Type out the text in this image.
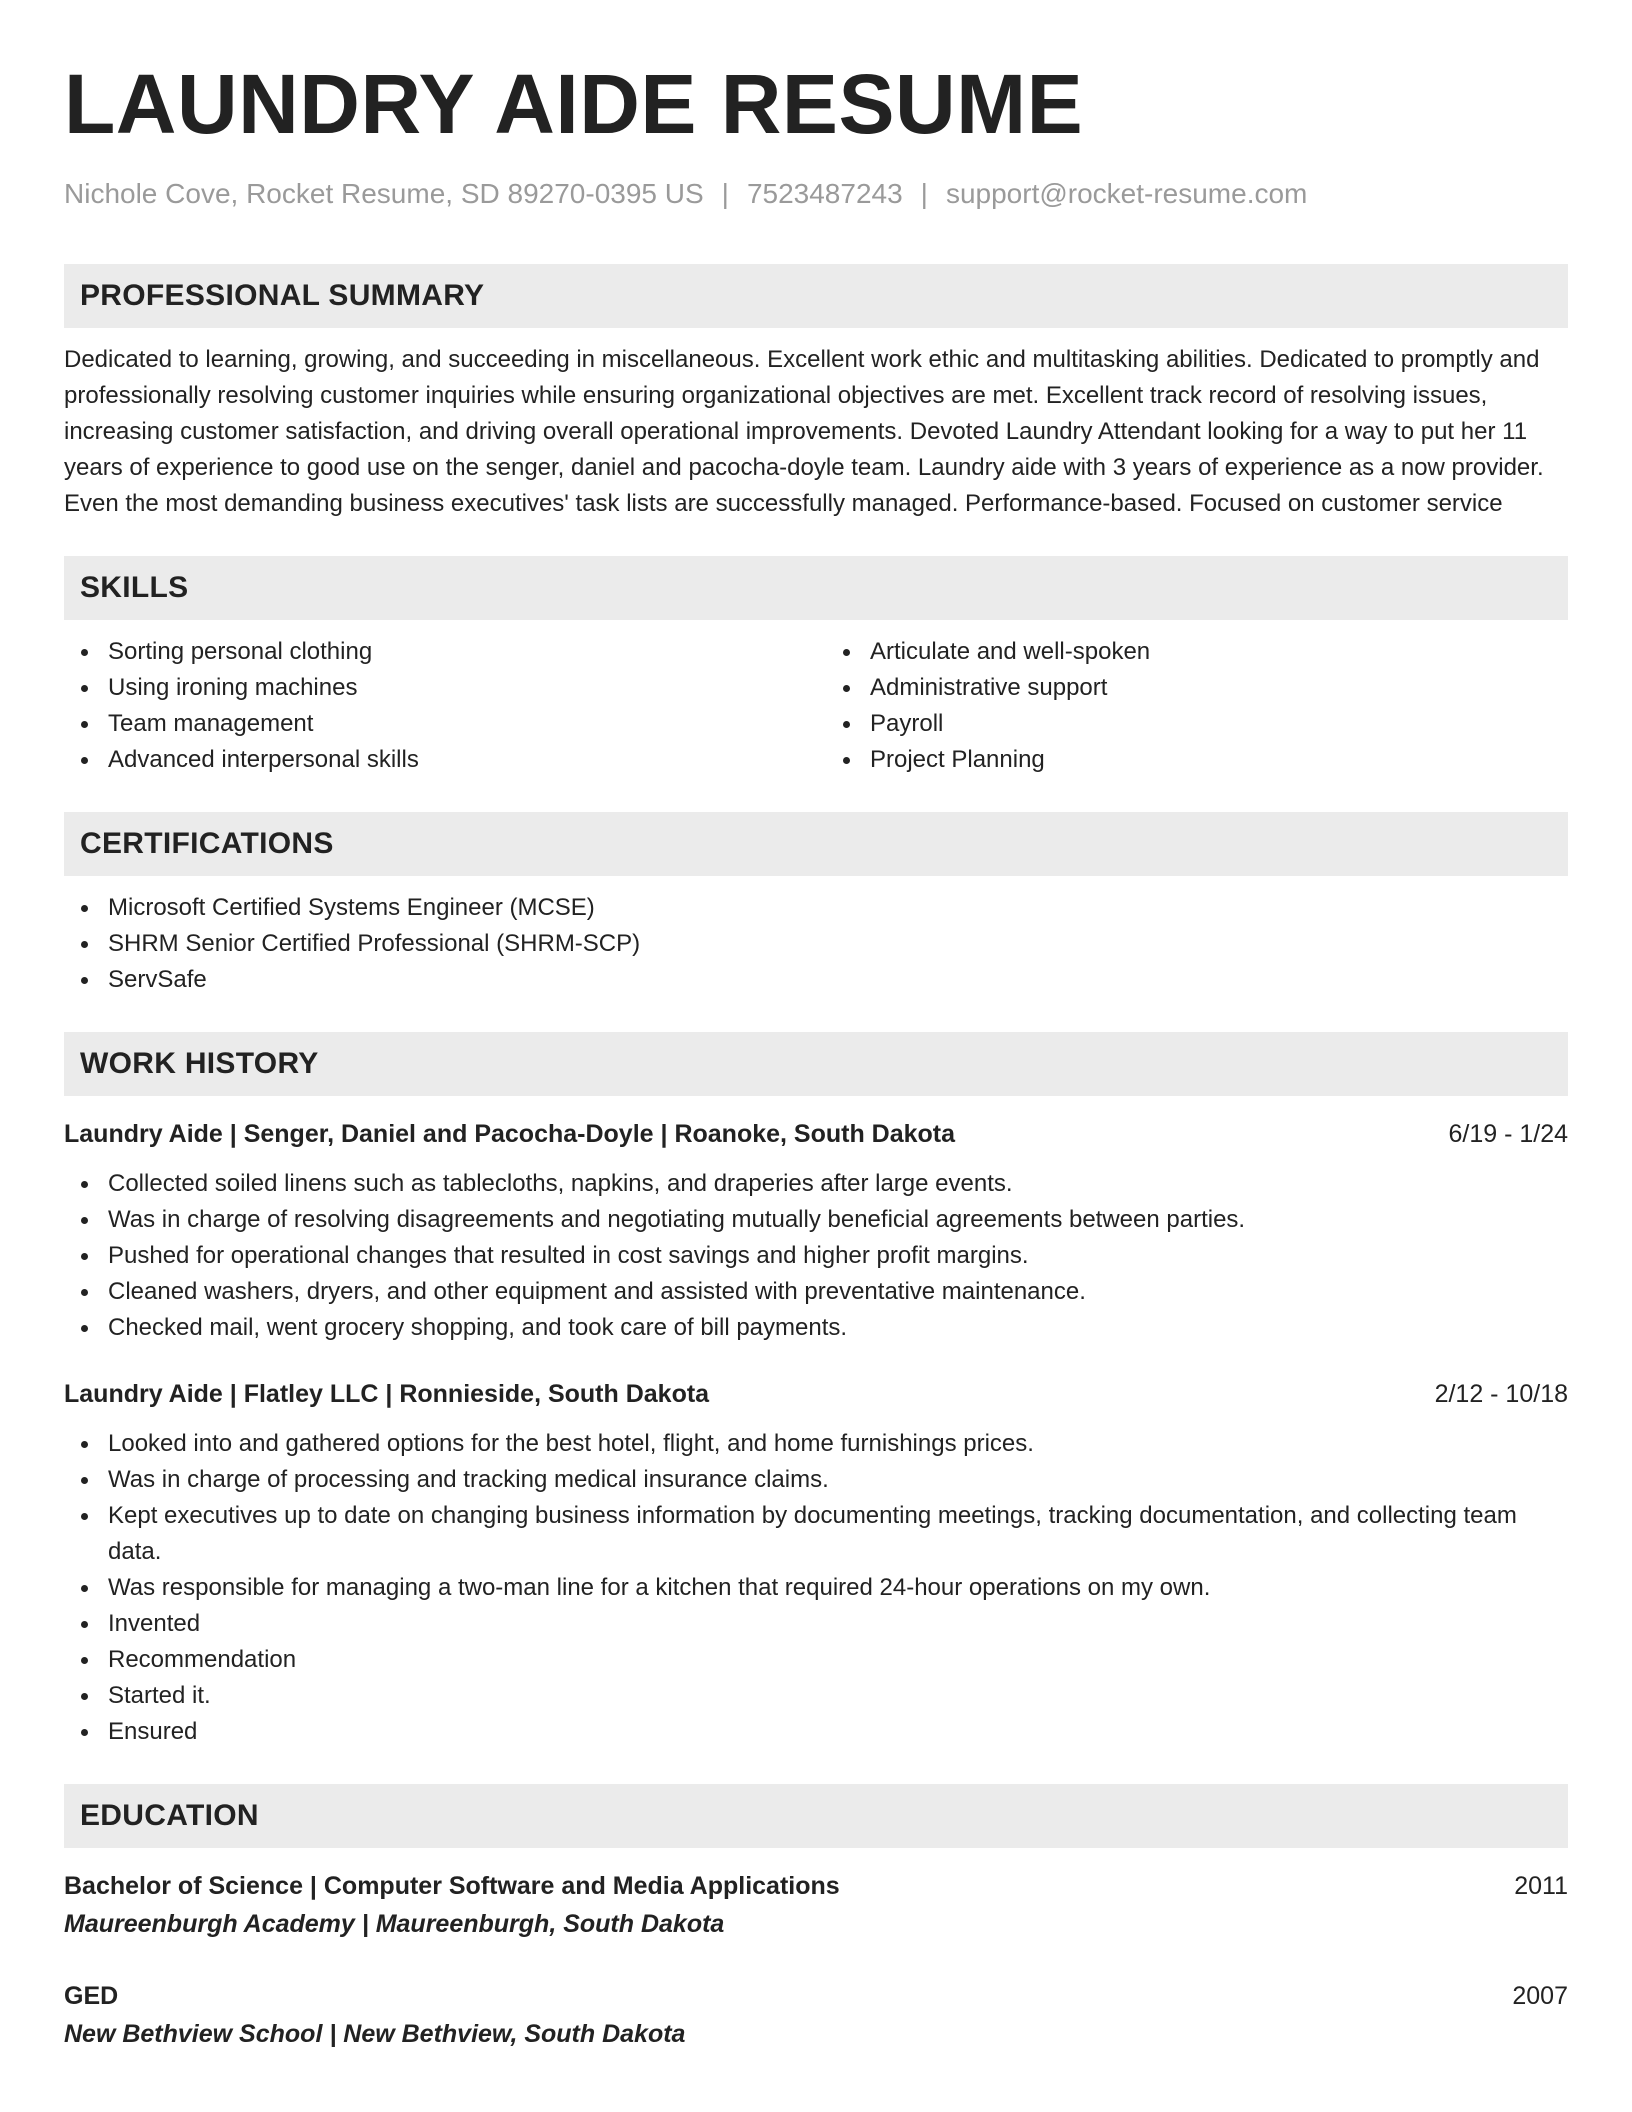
LAUNDRY AIDE RESUME
Nichole Cove, Rocket Resume, SD 89270-0395 US | 7523487243 | support@rocket-resume.com
PROFESSIONAL SUMMARY

Dedicated to learning, growing, and succeeding in miscellaneous. Excellent work ethic and multitasking abilities. Dedicated to promptly and professionally resolving customer inquiries while ensuring organizational objectives are met. Excellent track record of resolving issues, increasing customer satisfaction, and driving overall operational improvements. Devoted Laundry Attendant looking for a way to put her 11 years of experience to good use on the senger, daniel and pacocha-doyle team. Laundry aide with 3 years of experience as a now provider. Even the most demanding business executives' task lists are successfully managed. Performance-based. Focused on customer service

SKILLS
Sorting personal clothing
Using ironing machines
Team management
Advanced interpersonal skills
Articulate and well-spoken
Administrative support
Payroll
Project Planning
CERTIFICATIONS
Microsoft Certified Systems Engineer (MCSE)
SHRM Senior Certified Professional (SHRM-SCP)
ServSafe
WORK HISTORY
Laundry Aide | Senger, Daniel and Pacocha-Doyle | Roanoke, South Dakota	6/19 - 1/24
Collected soiled linens such as tablecloths, napkins, and draperies after large events.
Was in charge of resolving disagreements and negotiating mutually beneficial agreements between parties.
Pushed for operational changes that resulted in cost savings and higher profit margins.
Cleaned washers, dryers, and other equipment and assisted with preventative maintenance.
Checked mail, went grocery shopping, and took care of bill payments.
Laundry Aide | Flatley LLC | Ronnieside, South Dakota	2/12 - 10/18
Looked into and gathered options for the best hotel, flight, and home furnishings prices.
Was in charge of processing and tracking medical insurance claims.
Kept executives up to date on changing business information by documenting meetings, tracking documentation, and collecting team data.
Was responsible for managing a two-man line for a kitchen that required 24-hour operations on my own.
Invented
Recommendation
Started it.
Ensured
EDUCATION
Bachelor of Science | Computer Software and Media Applications	2011
Maureenburgh Academy | Maureenburgh, South Dakota
GED	2007
New Bethview School | New Bethview, South Dakota
